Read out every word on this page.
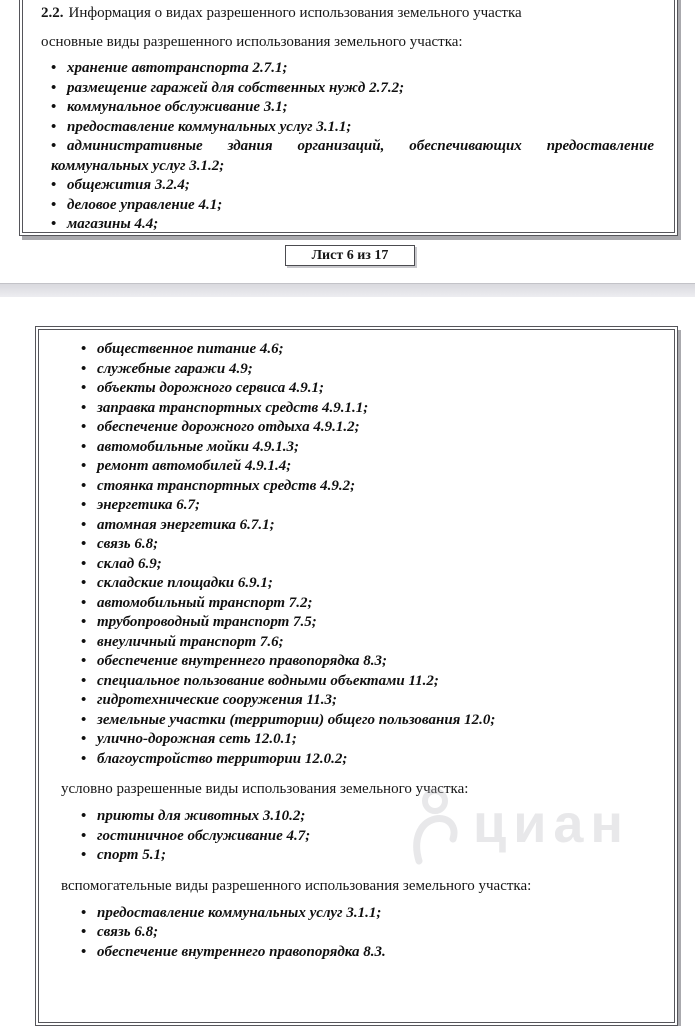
2.2. Информация о видах разрешенного использования земельного участка

основные виды разрешенного использования земельного участка:

• хранение автотранспорта 2.7.1;
• размещение гаражей для собственных нужд 2.7.2;
• коммунальное обслуживание 3.1;
• предоставление коммунальных услуг 3.1.1;
• административные здания организаций, обеспечивающих предоставление коммунальных услуг 3.1.2;
• общежития 3.2.4;
• деловое управление 4.1;
• магазины 4.4;
Лист 6 из 17
• общественное питание 4.6;
• служебные гаражи 4.9;
• объекты дорожного сервиса 4.9.1;
• заправка транспортных средств 4.9.1.1;
• обеспечение дорожного отдыха 4.9.1.2;
• автомобильные мойки 4.9.1.3;
• ремонт автомобилей 4.9.1.4;
• стоянка транспортных средств 4.9.2;
• энергетика 6.7;
• атомная энергетика 6.7.1;
• связь 6.8;
• склад 6.9;
• складские площадки 6.9.1;
• автомобильный транспорт 7.2;
• трубопроводный транспорт 7.5;
• внеуличный транспорт 7.6;
• обеспечение внутреннего правопорядка 8.3;
• специальное пользование водными объектами 11.2;
• гидротехнические сооружения 11.3;
• земельные участки (территории) общего пользования 12.0;
• улично-дорожная сеть 12.0.1;
• благоустройство территории 12.0.2;

условно разрешенные виды использования земельного участка:

• приюты для животных 3.10.2;
• гостиничное обслуживание 4.7;
• спорт 5.1;

вспомогательные виды разрешенного использования земельного участка:

• предоставление коммунальных услуг 3.1.1;
• связь 6.8;
• обеспечение внутреннего правопорядка 8.3.
циан
